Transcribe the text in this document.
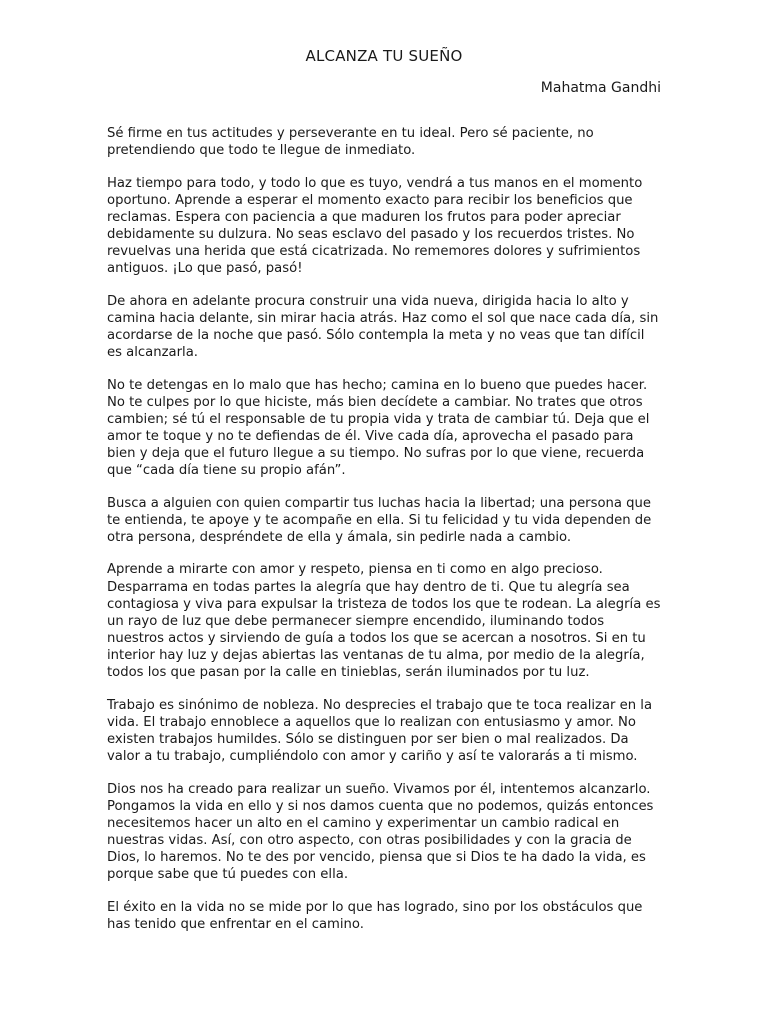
ALCANZA TU SUEÑO
Mahatma Gandhi

Sé firme en tus actitudes y perseverante en tu ideal. Pero sé paciente, no pretendiendo que todo te llegue de inmediato.

Haz tiempo para todo, y todo lo que es tuyo, vendrá a tus manos en el momento oportuno. Aprende a esperar el momento exacto para recibir los beneficios que reclamas. Espera con paciencia a que maduren los frutos para poder apreciar debidamente su dulzura. No seas esclavo del pasado y los recuerdos tristes. No revuelvas una herida que está cicatrizada. No rememores dolores y sufrimientos antiguos. ¡Lo que pasó, pasó!

De ahora en adelante procura construir una vida nueva, dirigida hacia lo alto y camina hacia delante, sin mirar hacia atrás. Haz como el sol que nace cada día, sin acordarse de la noche que pasó. Sólo contempla la meta y no veas que tan difícil es alcanzarla.

No te detengas en lo malo que has hecho; camina en lo bueno que puedes hacer. No te culpes por lo que hiciste, más bien decídete a cambiar. No trates que otros cambien; sé tú el responsable de tu propia vida y trata de cambiar tú. Deja que el amor te toque y no te defiendas de él. Vive cada día, aprovecha el pasado para bien y deja que el futuro llegue a su tiempo. No sufras por lo que viene, recuerda que “cada día tiene su propio afán”.

Busca a alguien con quien compartir tus luchas hacia la libertad; una persona que te entienda, te apoye y te acompañe en ella. Si tu felicidad y tu vida dependen de otra persona, despréndete de ella y ámala, sin pedirle nada a cambio.

Aprende a mirarte con amor y respeto, piensa en ti como en algo precioso. Desparrama en todas partes la alegría que hay dentro de ti. Que tu alegría sea contagiosa y viva para expulsar la tristeza de todos los que te rodean. La alegría es un rayo de luz que debe permanecer siempre encendido, iluminando todos nuestros actos y sirviendo de guía a todos los que se acercan a nosotros. Si en tu interior hay luz y dejas abiertas las ventanas de tu alma, por medio de la alegría, todos los que pasan por la calle en tinieblas, serán iluminados por tu luz.

Trabajo es sinónimo de nobleza. No desprecies el trabajo que te toca realizar en la vida. El trabajo ennoblece a aquellos que lo realizan con entusiasmo y amor. No existen trabajos humildes. Sólo se distinguen por ser bien o mal realizados. Da valor a tu trabajo, cumpliéndolo con amor y cariño y así te valorarás a ti mismo.

Dios nos ha creado para realizar un sueño. Vivamos por él, intentemos alcanzarlo. Pongamos la vida en ello y si nos damos cuenta que no podemos, quizás entonces necesitemos hacer un alto en el camino y experimentar un cambio radical en nuestras vidas. Así, con otro aspecto, con otras posibilidades y con la gracia de Dios, lo haremos. No te des por vencido, piensa que si Dios te ha dado la vida, es porque sabe que tú puedes con ella.

El éxito en la vida no se mide por lo que has logrado, sino por los obstáculos que has tenido que enfrentar en el camino.
